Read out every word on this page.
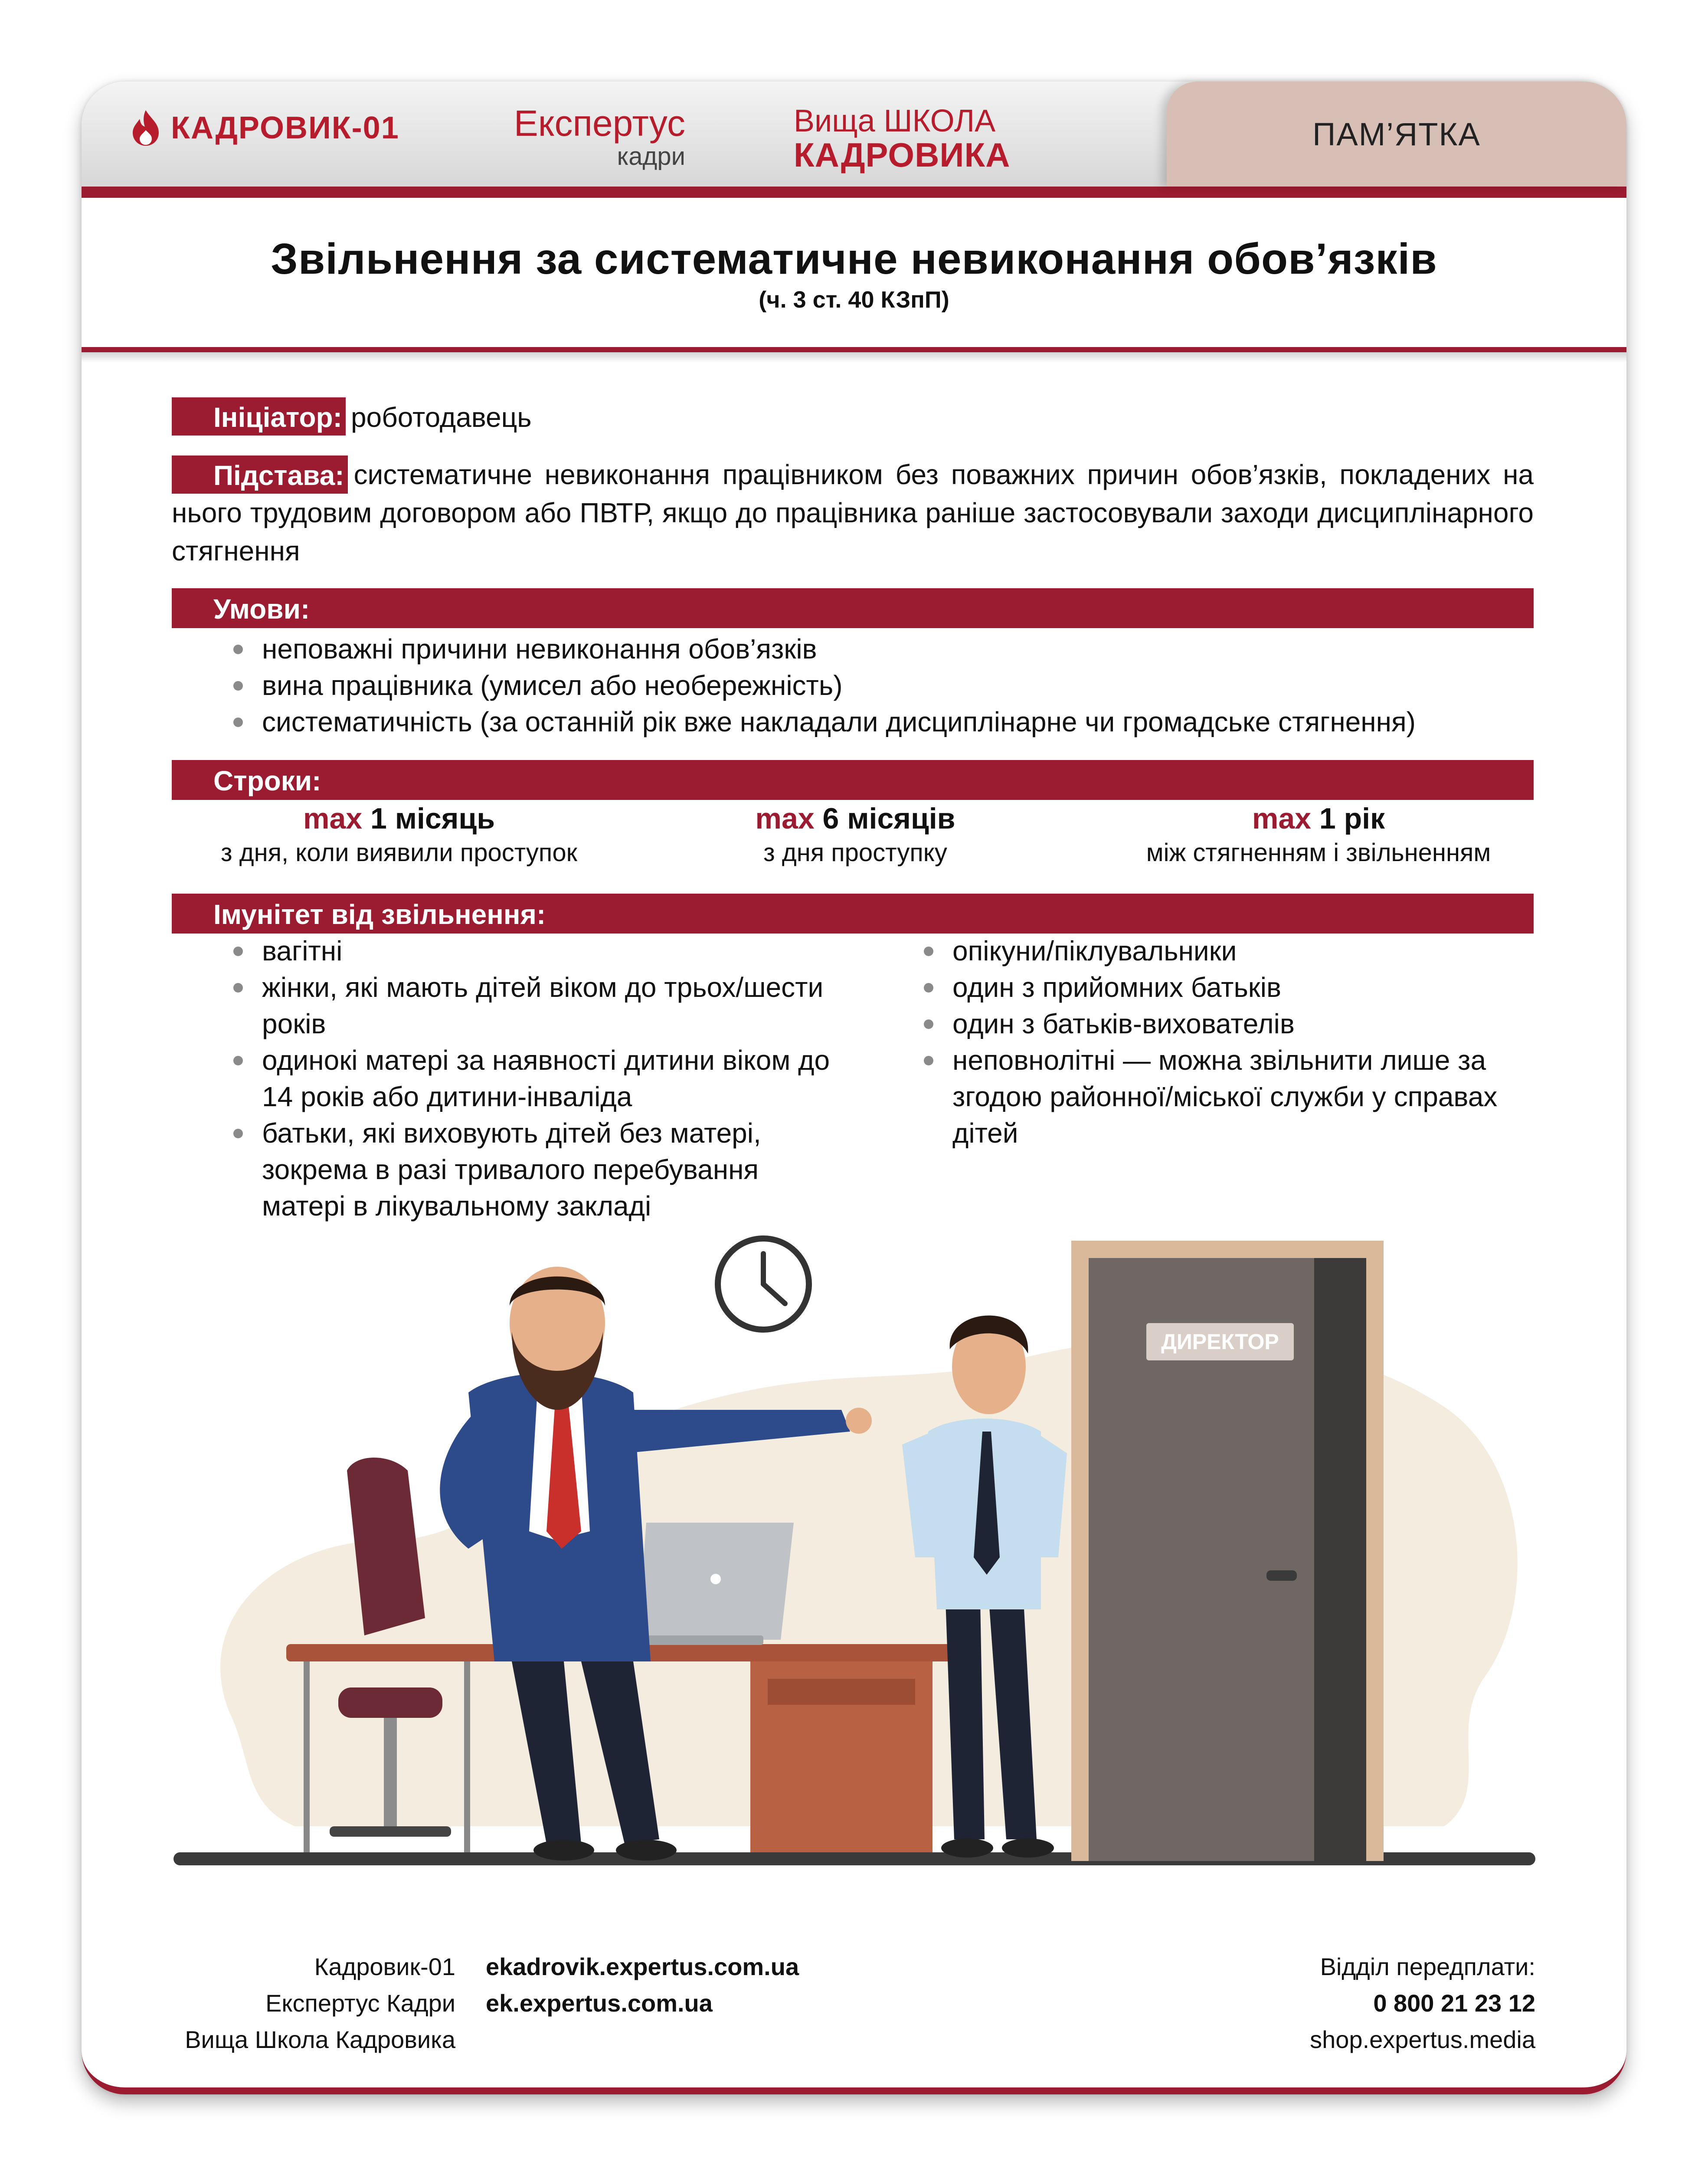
КАДРОВИК-01	Експертус
кадри
Вища ШКОЛА
КАДРОВИКА
ПАМ’ЯТКА
Звільнення за систематичне невиконання обов’язків
(ч. 3 ст. 40 КЗпП)
Ініціатор: роботодавець
Підстава: систематичне невиконання працівником без поважних причин обов’язків, покладених на нього трудовим договором або ПВТР, якщо до працівника раніше застосовували заходи дисциплінарного стягнення
Умови:
неповажні причини невиконання обов’язків
вина працівника (умисел або необережність)
систематичність (за останній рік вже накладали дисциплінарне чи громадське стягнення)
Строки:
max 1 місяць
з дня, коли виявили проступок
max 6 місяців
з дня проступку
max 1 рік
між стягненням і звільненням
Імунітет від звільнення:
вагітні
жінки, які мають дітей віком до трьох/шести років
одинокі матері за наявності дитини віком до 14 років або дитини-інваліда
батьки, які виховують дітей без матері, зокрема в разі тривалого перебування матері в лікувальному закладі
опікуни/піклувальники
один з прийомних батьків
один з батьків-вихователів
неповнолітні — можна звільнити лише за згодою районної/міської служби у справах дітей
ДИРЕКТОР
Кадровик-01
Експертус Кадри
Вища Школа Кадровика
ekadrovik.expertus.com.ua
ek.expertus.com.ua
Відділ передплати:
0 800 21 23 12
shop.expertus.media
